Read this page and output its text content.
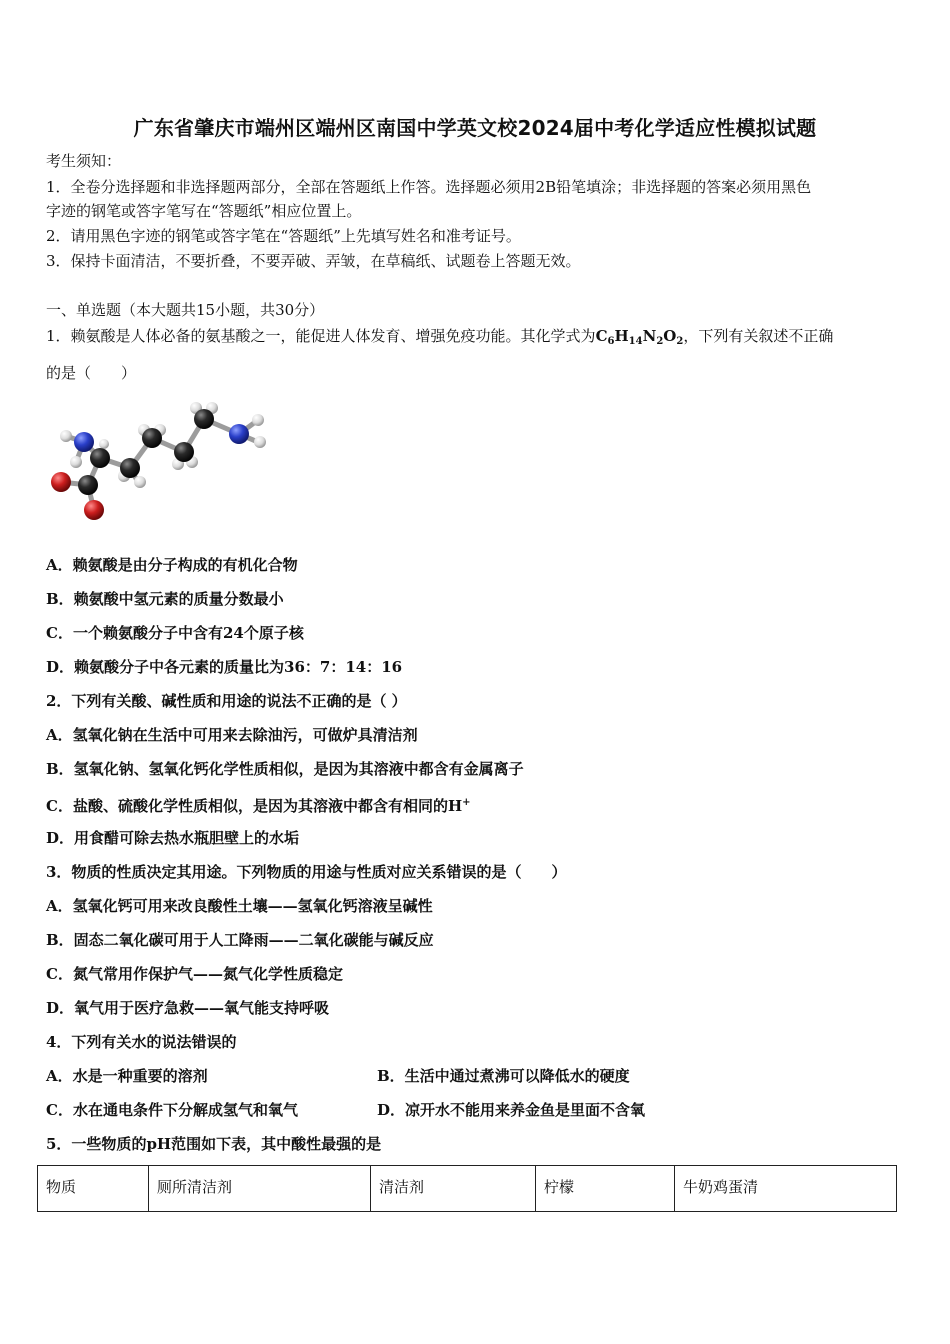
广东省肇庆市端州区端州区南国中学英文校2024届中考化学适应性模拟试题
考生须知：
1．全卷分选择题和非选择题两部分，全部在答题纸上作答。选择题必须用2B铅笔填涂；非选择题的答案必须用黑色
字迹的钢笔或答字笔写在“答题纸”相应位置上。
2．请用黑色字迹的钢笔或答字笔在“答题纸”上先填写姓名和准考证号。
3．保持卡面清洁，不要折叠，不要弄破、弄皱，在草稿纸、试题卷上答题无效。
一、单选题（本大题共15小题，共30分）
1．赖氨酸是人体必备的氨基酸之一，能促进人体发育、增强免疫功能。其化学式为$C_6H_{14}N_2O_2$，下列有关叙述不正确
的是（　　）
A．赖氨酸是由分子构成的有机化合物
B．赖氨酸中氢元素的质量分数最小
C．一个赖氨酸分子中含有24个原子核
D．赖氨酸分子中各元素的质量比为36：7：14：16
2．下列有关酸、碱性质和用途的说法不正确的是（ ）
A．氢氧化钠在生活中可用来去除油污，可做炉具清洁剂
B．氢氧化钠、氢氧化钙化学性质相似，是因为其溶液中都含有金属离子
C．盐酸、硫酸化学性质相似，是因为其溶液中都含有相同的H+
D．用食醋可除去热水瓶胆壁上的水垢
3．物质的性质决定其用途。下列物质的用途与性质对应关系错误的是（　　）
A．氢氧化钙可用来改良酸性土壤——氢氧化钙溶液呈碱性
B．固态二氧化碳可用于人工降雨——二氧化碳能与碱反应
C．氮气常用作保护气——氮气化学性质稳定
D．氧气用于医疗急救——氧气能支持呼吸
4．下列有关水的说法错误的
A．水是一种重要的溶剂	B．生活中通过煮沸可以降低水的硬度
C．水在通电条件下分解成氢气和氧气	D．凉开水不能用来养金鱼是里面不含氧
5．一些物质的pH范围如下表，其中酸性最强的是
物质	厕所清洁剂	清洁剂	柠檬	牛奶鸡蛋清
